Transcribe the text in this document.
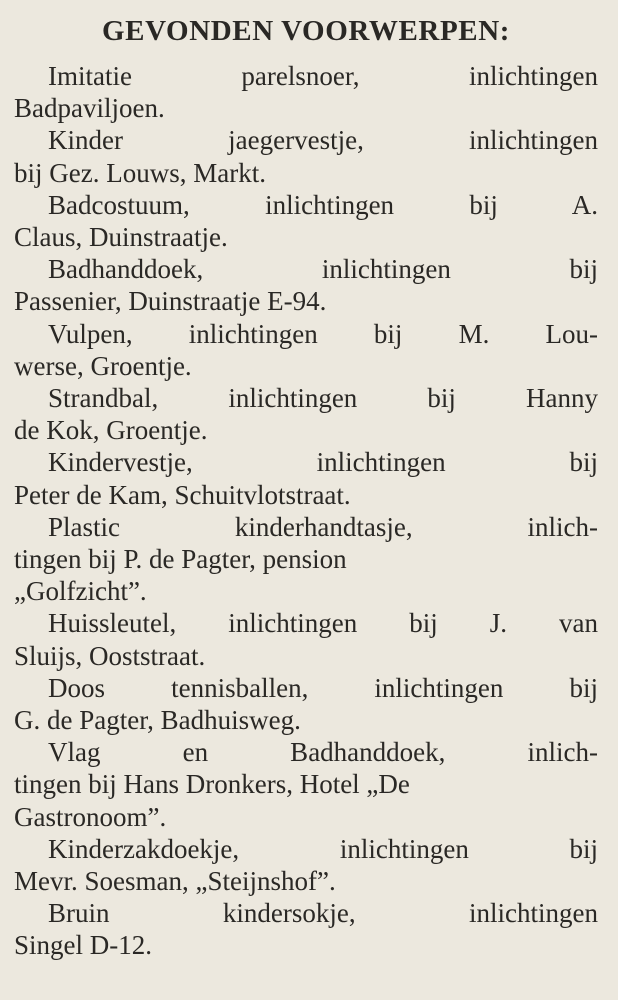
GEVONDEN VOORWERPEN:
Imitatie parelsnoer, inlichtingen
Badpaviljoen.
Kinder jaegervestje, inlichtingen
bij Gez. Louws, Markt.
Badcostuum, inlichtingen bij A.
Claus, Duinstraatje.
Badhanddoek, inlichtingen bij
Passenier, Duinstraatje E-94.
Vulpen, inlichtingen bij M. Lou-
werse, Groentje.
Strandbal, inlichtingen bij Hanny
de Kok, Groentje.
Kindervestje, inlichtingen bij
Peter de Kam, Schuitvlotstraat.
Plastic kinderhandtasje, inlich-
tingen bij P. de Pagter, pension
„Golfzicht”.
Huissleutel, inlichtingen bij J. van
Sluijs, Ooststraat.
Doos tennisballen, inlichtingen bij
G. de Pagter, Badhuisweg.
Vlag en Badhanddoek, inlich-
tingen bij Hans Dronkers, Hotel „De
Gastronoom”.
Kinderzakdoekje, inlichtingen bij
Mevr. Soesman, „Steijnshof”.
Bruin kindersokje, inlichtingen
Singel D-12.
